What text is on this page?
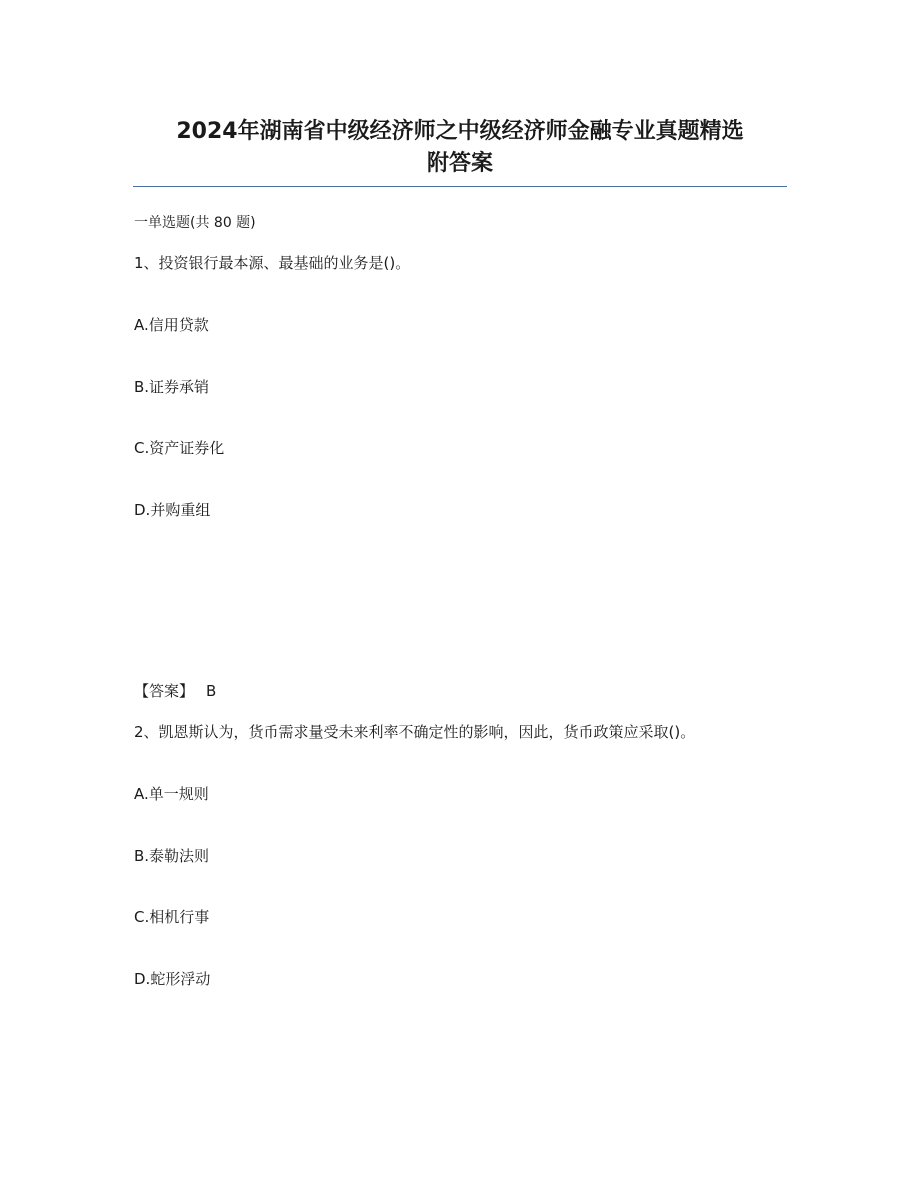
2024年湖南省中级经济师之中级经济师金融专业真题精选
附答案
一单选题(共 80 题)
1、投资银行最本源、最基础的业务是()。
A.信用贷款
B.证券承销
C.资产证券化
D.并购重组
【答案】 B
2、凯恩斯认为，货币需求量受未来利率不确定性的影响，因此，货币政策应采取()。
A.单一规则
B.泰勒法则
C.相机行事
D.蛇形浮动
